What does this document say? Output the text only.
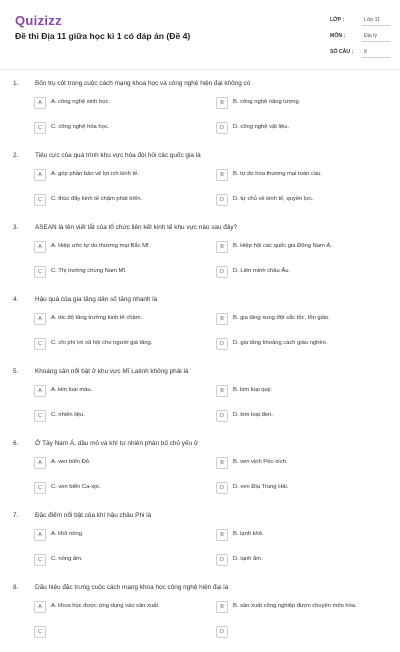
Quizizz
Đề thi Địa 11 giữa học kì 1 có đáp án (Đề 4)
LỚP :	Lớp 11
MÔN :	Địa lý
SỐ CÂU :	8
1.	Bốn trụ cột trong cuộc cách mạng khoa học và công nghệ hiện đại không có
A	A. công nghệ sinh học.	B	B. công nghệ năng lượng.
C	C. công nghệ hóa học.	D	D. công nghệ vật liệu.
2.	Tiêu cực của quá trình khu vực hóa đòi hỏi các quốc gia là
A	A. góp phần bảo vệ lợi ích kinh tế.	B	B. tự do hóa thương mại toàn cầu.
C	C. thúc đẩy kinh tế chậm phát triển.	D	D. tự chủ về kinh tế, quyền lực.
3.	ASEAN là tên viết tắt của tổ chức liên kết kinh tế khu vực nào sau đây?
A	A. Hiệp ước tự do thương mại Bắc Mĩ.	B	B. Hiệp hội các quốc gia Đông Nam Á.
C	C. Thị trường chung Nam Mĩ.	D	D. Liên minh châu Âu.
4.	Hậu quả của gia tăng dân số tăng nhanh là
A	A. tốc độ tăng trưởng kinh tế chậm.	B	B. gia tăng xung đột sắc tộc, tôn giáo.
C	C. chi phí lợi xã hội cho người giá tăng.	D	D. gia tăng khoảng cách giàu nghèo.
5.	Khoáng sản nổi bật ở khu vực Mĩ Latinh không phải là
A	A. kim loại màu.	B	B. kim loại quý.
C	C. nhiên liệu.	D	D. kim loại đen.
6.	Ở Tây Nam Á, dầu mỏ và khí tự nhiên phân bố chủ yếu ở
A	A. ven biển Đỏ.	B	B. ven vịnh Péc-xích.
C	C. ven biển Ca-xpi.	D	D. ven Địa Trung Hải.
7.	Đặc điểm nổi bật của khí hậu châu Phi là
A	A. khô nóng.	B	B. lạnh khô.
C	C. nóng ẩm.	D	D. lạnh ẩm.
8.	Dấu hiệu đặc trưng cuộc cách mạng khoa học công nghệ hiện đại là
A	A. khoa học được ứng dụng vào sản xuất.	B	B. sản xuất công nghiệp được chuyên môn hóa.
C	D
